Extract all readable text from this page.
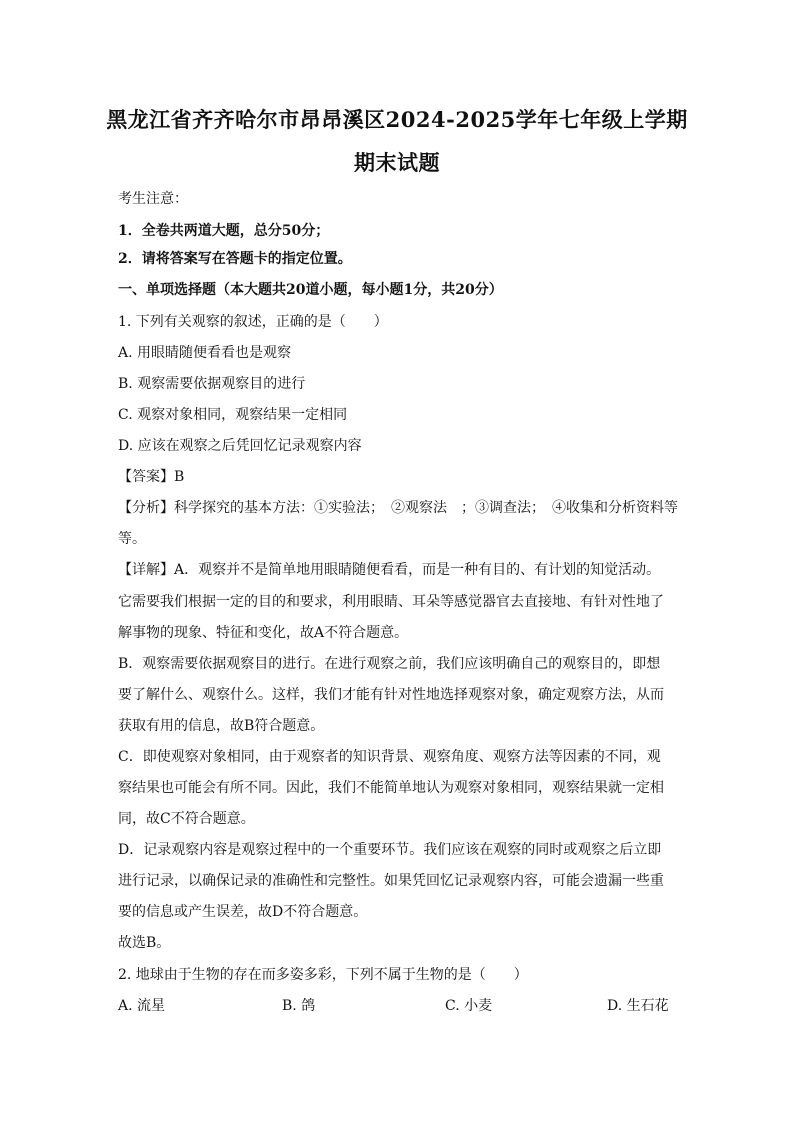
黑龙江省齐齐哈尔市昂昂溪区2024-2025学年七年级上学期
期末试题
考生注意：
1．全卷共两道大题，总分50分；
2．请将答案写在答题卡的指定位置。
一、单项选择题（本大题共20道小题，每小题1分，共20分）
1. 下列有关观察的叙述，正确的是（　　）
A. 用眼睛随便看看也是观察
B. 观察需要依据观察目的进行
C. 观察对象相同，观察结果一定相同
D. 应该在观察之后凭回忆记录观察内容
【答案】B
【分析】科学探究的基本方法：①实验法；　②观察法　；③调查法；　④收集和分析资料等
等。
【详解】A．观察并不是简单地用眼睛随便看看，而是一种有目的、有计划的知觉活动。
它需要我们根据一定的目的和要求，利用眼睛、耳朵等感觉器官去直接地、有针对性地了
解事物的现象、特征和变化，故A不符合题意。
B．观察需要依据观察目的进行。在进行观察之前，我们应该明确自己的观察目的，即想
要了解什么、观察什么。这样，我们才能有针对性地选择观察对象，确定观察方法，从而
获取有用的信息，故B符合题意。
C．即使观察对象相同，由于观察者的知识背景、观察角度、观察方法等因素的不同，观
察结果也可能会有所不同。因此，我们不能简单地认为观察对象相同，观察结果就一定相
同，故C不符合题意。
D．记录观察内容是观察过程中的一个重要环节。我们应该在观察的同时或观察之后立即
进行记录，以确保记录的准确性和完整性。如果凭回忆记录观察内容，可能会遗漏一些重
要的信息或产生误差，故D不符合题意。
故选B。
2. 地球由于生物的存在而多姿多彩，下列不属于生物的是（　　）
A. 流星	B. 鸽	C. 小麦	D. 生石花
